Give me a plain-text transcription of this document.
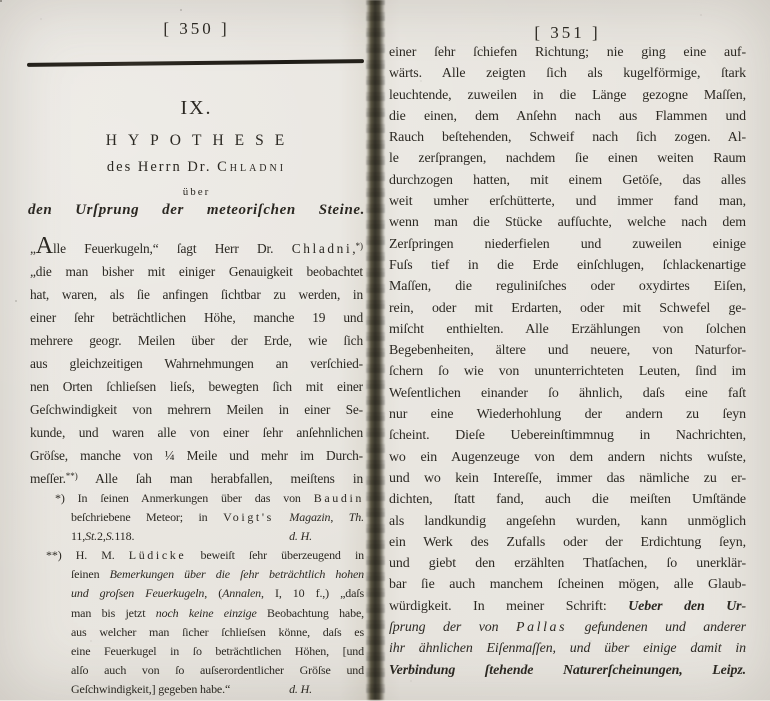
[ 350 ]
IX.
HYPOTHESE
des Herrn Dr. Chladni
über
den Urſprung der meteoriſchen Steine.
„Alle Feuerkugeln,“ ſagt Herr Dr. Chladni,*)
„die man bisher mit einiger Genauigkeit beobachtet
hat, waren, als ſie anfingen ſichtbar zu werden, in
einer ſehr beträchtlichen Höhe, manche 19 und
mehrere geogr. Meilen über der Erde, wie ſich
aus gleichzeitigen Wahrnehmungen an verſchied-
nen Orten ſchlieſsen lieſs, bewegten ſich mit einer
Geſchwindigkeit von mehrern Meilen in einer Se-
kunde, und waren alle von einer ſehr anſehnlichen
Gröſse, manche von ¼ Meile und mehr im Durch-
meſſer.**) Alle ſah man herabfallen, meiſtens in
*) In ſeinen Anmerkungen über das von Baudin
beſchriebene Meteor; in Voigt's Magazin, Th.
11, St. 2, S. 118.	d. H.
**) H. M. Lüdicke beweiſt ſehr überzeugend in
ſeinen Bemerkungen über die ſehr beträchtlich hohen
und groſsen Feuerkugeln, (Annalen, I, 10 f.,) „daſs
man bis jetzt noch keine einzige Beobachtung habe,
aus welcher man ſicher ſchlieſsen könne, daſs es
eine Feuerkugel in ſo beträchtlichen Höhen, [und
alſo auch von ſo auſserordentlicher Gröſse und
Geſchwindigkeit,] gegeben habe.“	d. H.
[ 351 ]
einer ſehr ſchiefen Richtung; nie ging eine auf-
wärts. Alle zeigten ſich als kugelförmige, ſtark
leuchtende, zuweilen in die Länge gezogne Maſſen,
die einen, dem Anſehn nach aus Flammen und
Rauch beſtehenden, Schweif nach ſich zogen. Al-
le zerſprangen, nachdem ſie einen weiten Raum
durchzogen hatten, mit einem Getöſe, das alles
weit umher erſchütterte, und immer fand man,
wenn man die Stücke aufſuchte, welche nach dem
Zerſpringen niederfielen und zuweilen einige
Fuſs tief in die Erde einſchlugen, ſchlackenartige
Maſſen, die reguliniſches oder oxydirtes Eiſen,
rein, oder mit Erdarten, oder mit Schwefel ge-
miſcht enthielten. Alle Erzählungen von ſolchen
Begebenheiten, ältere und neuere, von Naturfor-
ſchern ſo wie von ununterrichteten Leuten, ſind im
Weſentlichen einander ſo ähnlich, daſs eine faſt
nur eine Wiederhohlung der andern zu ſeyn
ſcheint. Dieſe Uebereinſtimmnug in Nachrichten,
wo ein Augenzeuge von dem andern nichts wuſste,
und wo kein Intereſſe, immer das nämliche zu er-
dichten, ſtatt fand, auch die meiſten Umſtände
als landkundig angeſehn wurden, kann unmöglich
ein Werk des Zufalls oder der Erdichtung ſeyn,
und giebt den erzählten Thatſachen, ſo unerklär-
bar ſie auch manchem ſcheinen mögen, alle Glaub-
würdigkeit. In meiner Schrift: Ueber den Ur-
ſprung der von Pallas gefundenen und anderer
ihr ähnlichen Eiſenmaſſen, und über einige damit in
Verbindung ſtehende Naturerſcheinungen, Leipz.
